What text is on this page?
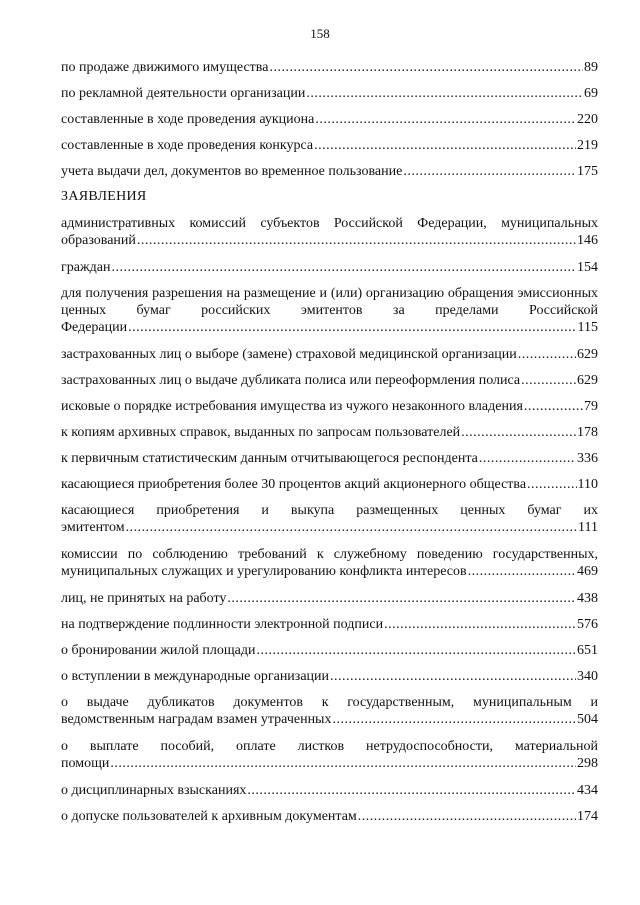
158
по продаже движимого имущества .....	89
по рекламной деятельности организации .....	69
составленные в ходе проведения аукциона .....	220
составленные в ходе проведения конкурса .....	219
учета выдачи дел, документов во временное пользование .....	175
ЗАЯВЛЕНИЯ
административных комиссий субъектов Российской Федерации, муниципальных
образований .....	146
граждан .....	154
для получения разрешения на размещение и (или) организацию обращения эмиссионных ценных бумаг российских эмитентов за пределами Российской
Федерации .....	115
застрахованных лиц о выборе (замене) страховой медицинской организации .....	629
застрахованных лиц о выдаче дубликата полиса или переоформления полиса .....	629
исковые о порядке истребования имущества из чужого незаконного владения .....	79
к копиям архивных справок, выданных по запросам пользователей .....	178
к первичным статистическим данным отчитывающегося респондента .....	336
касающиеся приобретения более 30 процентов акций акционерного общества .....	110
касающиеся приобретения и выкупа размещенных ценных бумаг их
эмитентом .....	111
комиссии по соблюдению требований к служебному поведению государственных,
муниципальных служащих и урегулированию конфликта интересов .....	469
лиц, не принятых на работу .....	438
на подтверждение подлинности электронной подписи .....	576
о бронировании жилой площади .....	651
о вступлении в международные организации .....	340
о выдаче дубликатов документов к государственным, муниципальным и
ведомственным наградам взамен утраченных .....	504
о выплате пособий, оплате листков нетрудоспособности, материальной
помощи .....	298
о дисциплинарных взысканиях .....	434
о допуске пользователей к архивным документам .....	174
